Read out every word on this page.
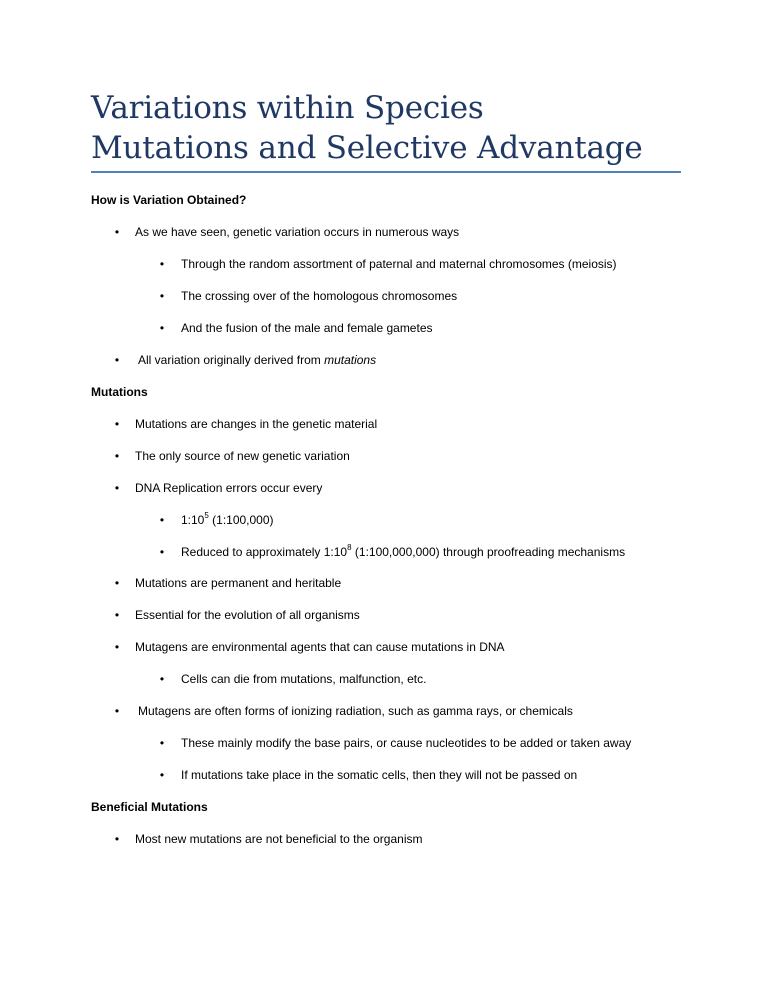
Variations within Species
Mutations and Selective Advantage
How is Variation Obtained?
• As we have seen, genetic variation occurs in numerous ways
• Through the random assortment of paternal and maternal chromosomes (meiosis)
• The crossing over of the homologous chromosomes
• And the fusion of the male and female gametes
• All variation originally derived from mutations
Mutations
• Mutations are changes in the genetic material
• The only source of new genetic variation
• DNA Replication errors occur every
• $1:10^5$ (1:100,000)
• Reduced to approximately $1:10^8$ (1:100,000,000) through proofreading mechanisms
• Mutations are permanent and heritable
• Essential for the evolution of all organisms
• Mutagens are environmental agents that can cause mutations in DNA
• Cells can die from mutations, malfunction, etc.
• Mutagens are often forms of ionizing radiation, such as gamma rays, or chemicals
• These mainly modify the base pairs, or cause nucleotides to be added or taken away
• If mutations take place in the somatic cells, then they will not be passed on
Beneficial Mutations
• Most new mutations are not beneficial to the organism
